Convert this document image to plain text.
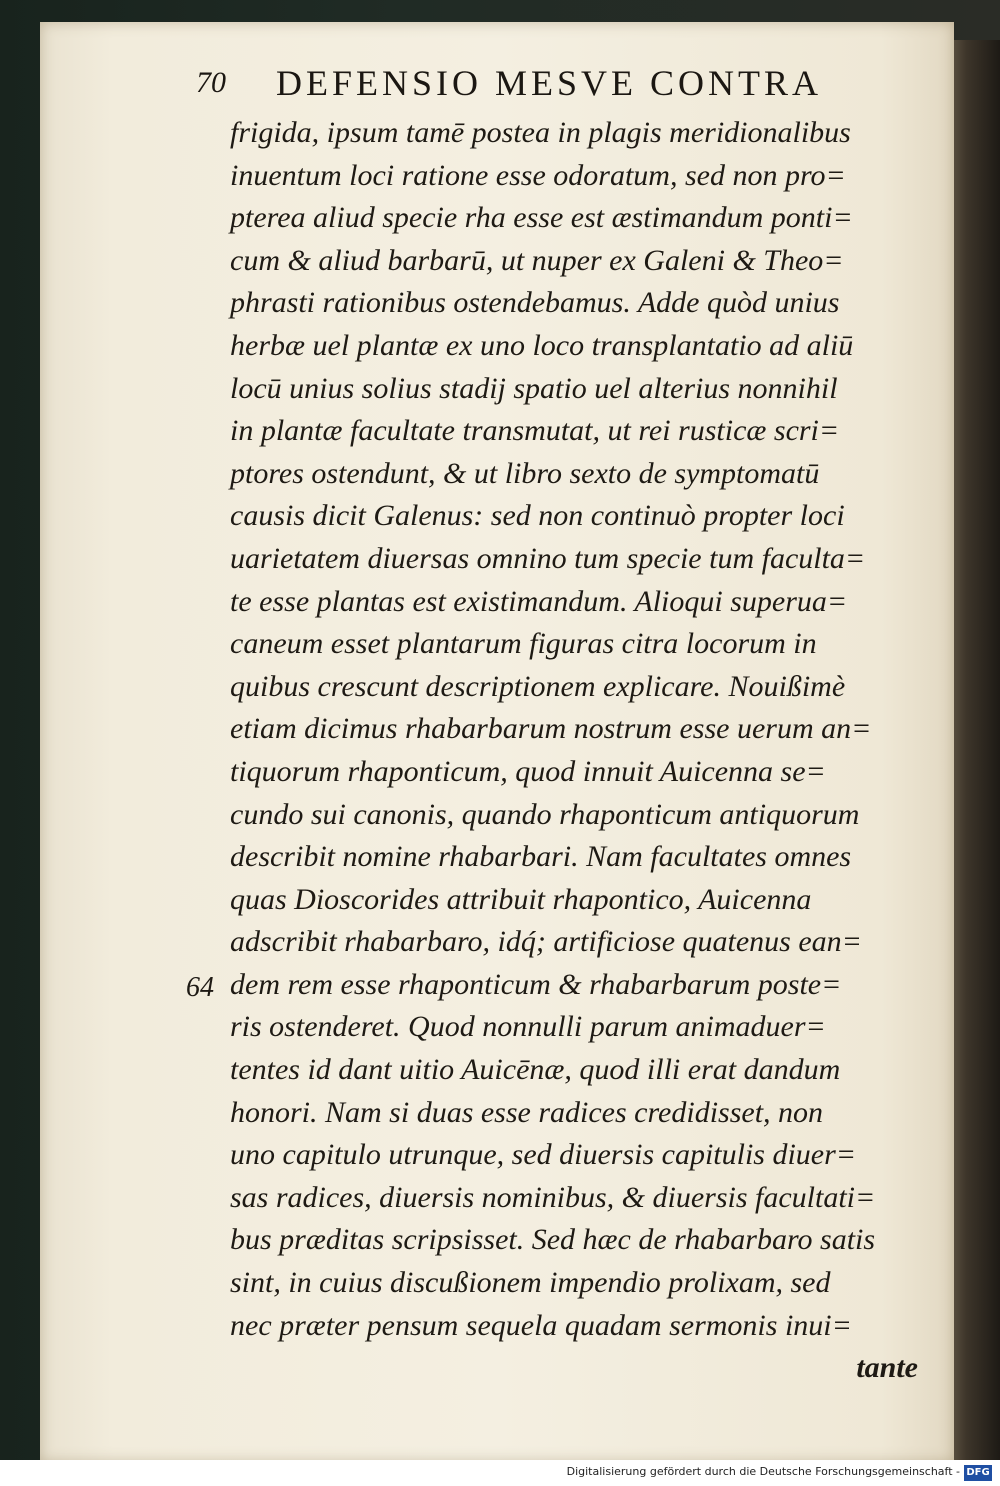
70 DEFENSIO MESVE CONTRA
64
frigida, ipsum tamē postea in plagis meridionalibus
inuentum loci ratione esse odoratum, sed non pro=
pterea aliud specie rha esse est æstimandum ponti=
cum & aliud barbarū, ut nuper ex Galeni & Theo=
phrasti rationibus ostendebamus. Adde quòd unius
herbæ uel plantæ ex uno loco transplantatio ad aliū
locū unius solius stadij spatio uel alterius nonnihil
in plantæ facultate transmutat, ut rei rusticæ scri=
ptores ostendunt, & ut libro sexto de symptomatū
causis dicit Galenus: sed non continuò propter loci
uarietatem diuersas omnino tum specie tum faculta=
te esse plantas est existimandum. Alioqui superua=
caneum esset plantarum figuras citra locorum in
quibus crescunt descriptionem explicare. Nouißimè
etiam dicimus rhabarbarum nostrum esse uerum an=
tiquorum rhaponticum, quod innuit Auicenna se=
cundo sui canonis, quando rhaponticum antiquorum
describit nomine rhabarbari. Nam facultates omnes
quas Dioscorides attribuit rhapontico, Auicenna
adscribit rhabarbaro, idq́; artificiose quatenus ean=
dem rem esse rhaponticum & rhabarbarum poste=
ris ostenderet. Quod nonnulli parum animaduer=
tentes id dant uitio Auicēnæ, quod illi erat dandum
honori. Nam si duas esse radices credidisset, non
uno capitulo utrunque, sed diuersis capitulis diuer=
sas radices, diuersis nominibus, & diuersis facultati=
bus præditas scripsisset. Sed hæc de rhabarbaro satis
sint, in cuius discußionem impendio prolixam, sed
nec præter pensum sequela quadam sermonis inui=
tante
Digitalisierung gefördert durch die Deutsche Forschungsgemeinschaft - DFG
